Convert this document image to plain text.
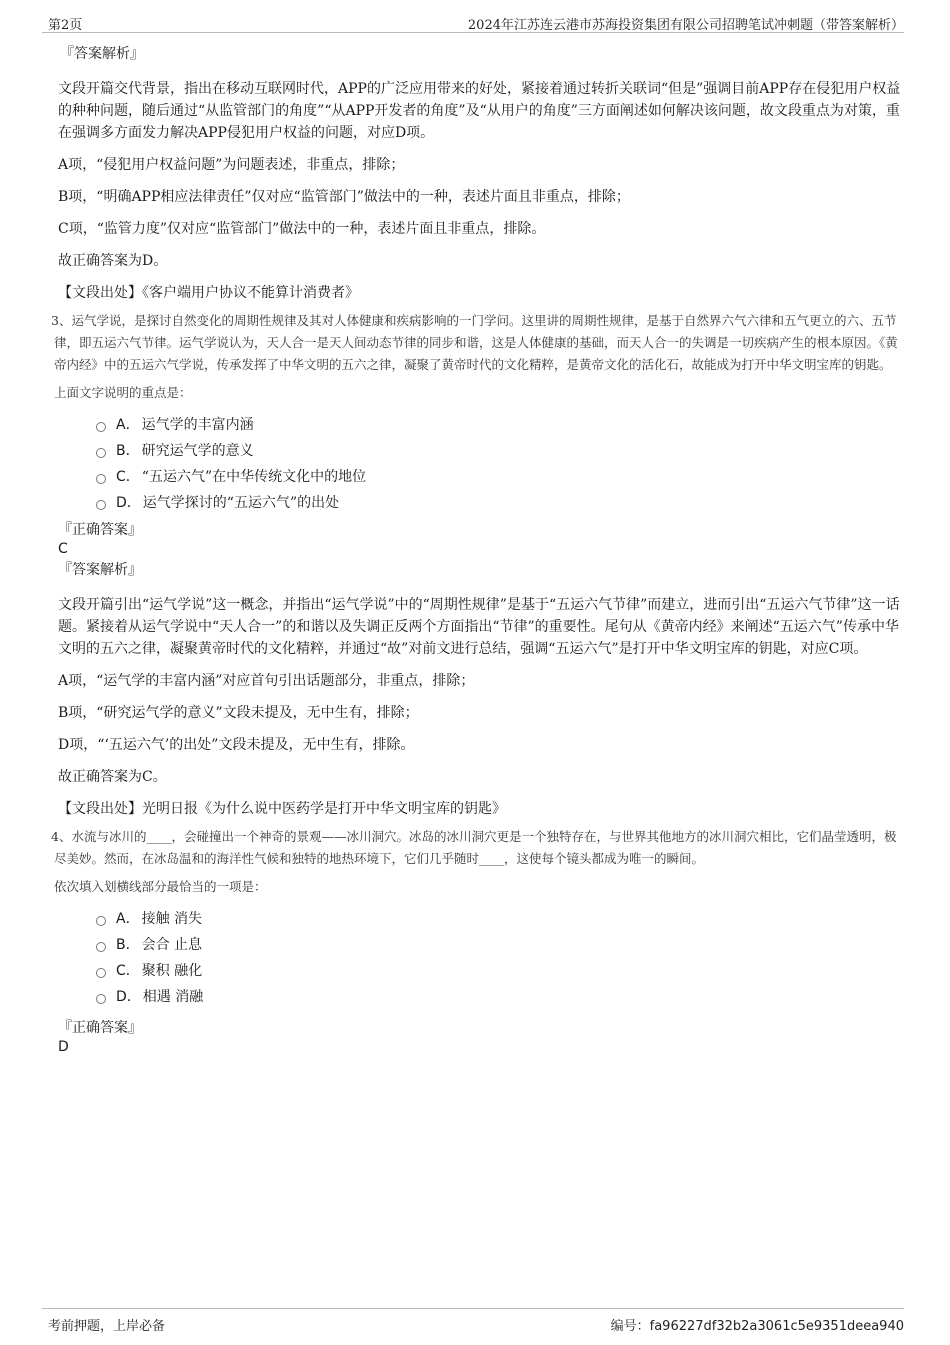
第2页	2024年江苏连云港市苏海投资集团有限公司招聘笔试冲刺题（带答案解析）

『答案解析』

文段开篇交代背景，指出在移动互联网时代，APP的广泛应用带来的好处，紧接着通过转折关联词“但是”强调目前APP存在侵犯用户权益的种种问题，随后通过“从监管部门的角度”“从APP开发者的角度”及“从用户的角度”三方面阐述如何解决该问题，故文段重点为对策，重在强调多方面发力解决APP侵犯用户权益的问题，对应D项。

A项，“侵犯用户权益问题”为问题表述，非重点，排除；

B项，“明确APP相应法律责任”仅对应“监管部门”做法中的一种，表述片面且非重点，排除；

C项，“监管力度”仅对应“监管部门”做法中的一种，表述片面且非重点，排除。

故正确答案为D。

【文段出处】《客户端用户协议不能算计消费者》

3、运气学说，是探讨自然变化的周期性规律及其对人体健康和疾病影响的一门学问。这里讲的周期性规律，是基于自然界六气六律和五气更立的六、五节律，即五运六气节律。运气学说认为，天人合一是天人间动态节律的同步和谐，这是人体健康的基础，而天人合一的失调是一切疾病产生的根本原因。《黄帝内经》中的五运六气学说，传承发挥了中华文明的五六之律，凝聚了黄帝时代的文化精粹，是黄帝文化的活化石，故能成为打开中华文明宝库的钥匙。

上面文字说明的重点是：

A． 运气学的丰富内涵
B． 研究运气学的意义
C． “五运六气”在中华传统文化中的地位
D． 运气学探讨的“五运六气”的出处

『正确答案』

C

『答案解析』

文段开篇引出“运气学说”这一概念，并指出“运气学说”中的“周期性规律”是基于“五运六气节律”而建立，进而引出“五运六气节律”这一话题。紧接着从运气学说中“天人合一”的和谐以及失调正反两个方面指出“节律”的重要性。尾句从《黄帝内经》来阐述“五运六气”传承中华文明的五六之律，凝聚黄帝时代的文化精粹，并通过“故”对前文进行总结，强调“五运六气”是打开中华文明宝库的钥匙，对应C项。

A项，“运气学的丰富内涵”对应首句引出话题部分，非重点，排除；

B项，“研究运气学的意义”文段未提及，无中生有，排除；

D项，“‘五运六气’的出处”文段未提及，无中生有，排除。

故正确答案为C。

【文段出处】光明日报《为什么说中医药学是打开中华文明宝库的钥匙》

4、水流与冰川的____，会碰撞出一个神奇的景观——冰川洞穴。冰岛的冰川洞穴更是一个独特存在，与世界其他地方的冰川洞穴相比，它们晶莹透明，极尽美妙。然而，在冰岛温和的海洋性气候和独特的地热环境下，它们几乎随时____，这使每个镜头都成为唯一的瞬间。

依次填入划横线部分最恰当的一项是：

A． 接触 消失
B． 会合 止息
C． 聚积 融化
D． 相遇 消融

『正确答案』

D

考前押题，上岸必备	编号：fa96227df32b2a3061c5e9351deea940
